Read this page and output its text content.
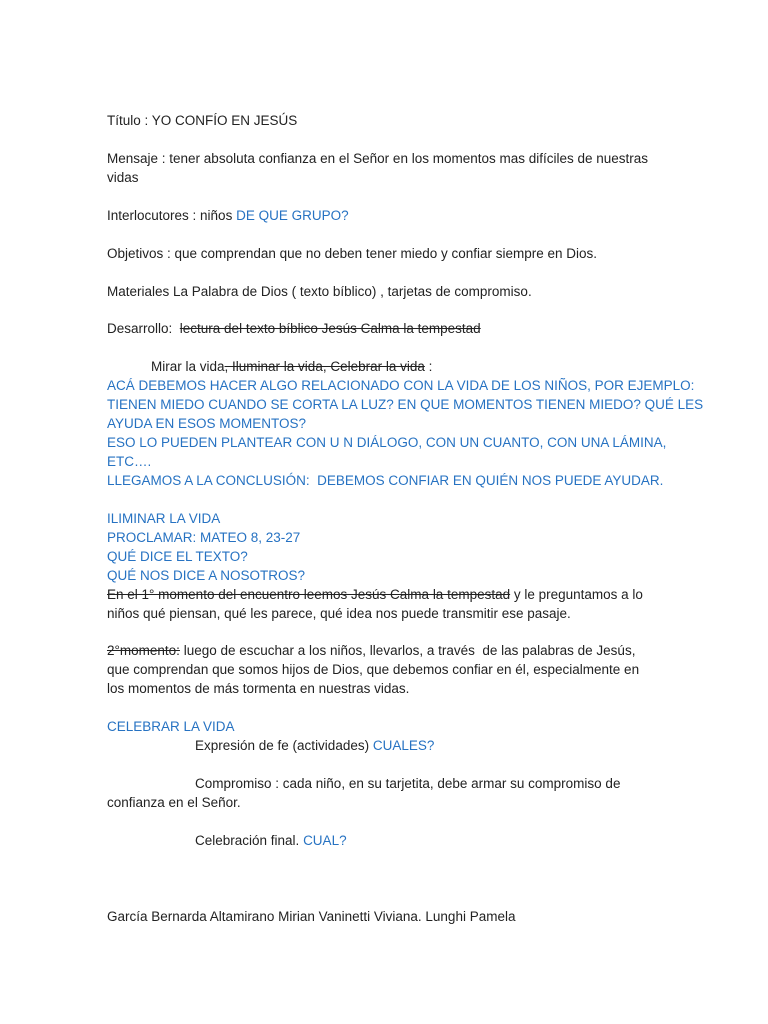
Título : YO CONFÍO EN JESÚS
Mensaje : tener absoluta confianza en el Señor en los momentos mas difíciles de nuestras
vidas
Interlocutores : niños DE QUE GRUPO?
Objetivos : que comprendan que no deben tener miedo y confiar siempre en Dios.
Materiales La Palabra de Dios ( texto bíblico) , tarjetas de compromiso.
Desarrollo:  lectura del texto bíblico Jesús Calma la tempestad
Mirar la vida, Iluminar la vida, Celebrar la vida :
ACÁ DEBEMOS HACER ALGO RELACIONADO CON LA VIDA DE LOS NIÑOS, POR EJEMPLO:
TIENEN MIEDO CUANDO SE CORTA LA LUZ? EN QUE MOMENTOS TIENEN MIEDO? QUÉ LES
AYUDA EN ESOS MOMENTOS?
ESO LO PUEDEN PLANTEAR CON U N DIÁLOGO, CON UN CUANTO, CON UNA LÁMINA,
ETC….
LLEGAMOS A LA CONCLUSIÓN:  DEBEMOS CONFIAR EN QUIÉN NOS PUEDE AYUDAR.
ILIMINAR LA VIDA
PROCLAMAR: MATEO 8, 23-27
QUÉ DICE EL TEXTO?
QUÉ NOS DICE A NOSOTROS?
En el 1° momento del encuentro leemos Jesús Calma la tempestad y le preguntamos a lo
niños qué piensan, qué les parece, qué idea nos puede transmitir ese pasaje.
2°momento: luego de escuchar a los niños, llevarlos, a través  de las palabras de Jesús,
que comprendan que somos hijos de Dios, que debemos confiar en él, especialmente en
los momentos de más tormenta en nuestras vidas.
CELEBRAR LA VIDA
Expresión de fe (actividades) CUALES?
Compromiso : cada niño, en su tarjetita, debe armar su compromiso de
confianza en el Señor.
Celebración final. CUAL?
García Bernarda Altamirano Mirian Vaninetti Viviana. Lunghi Pamela
